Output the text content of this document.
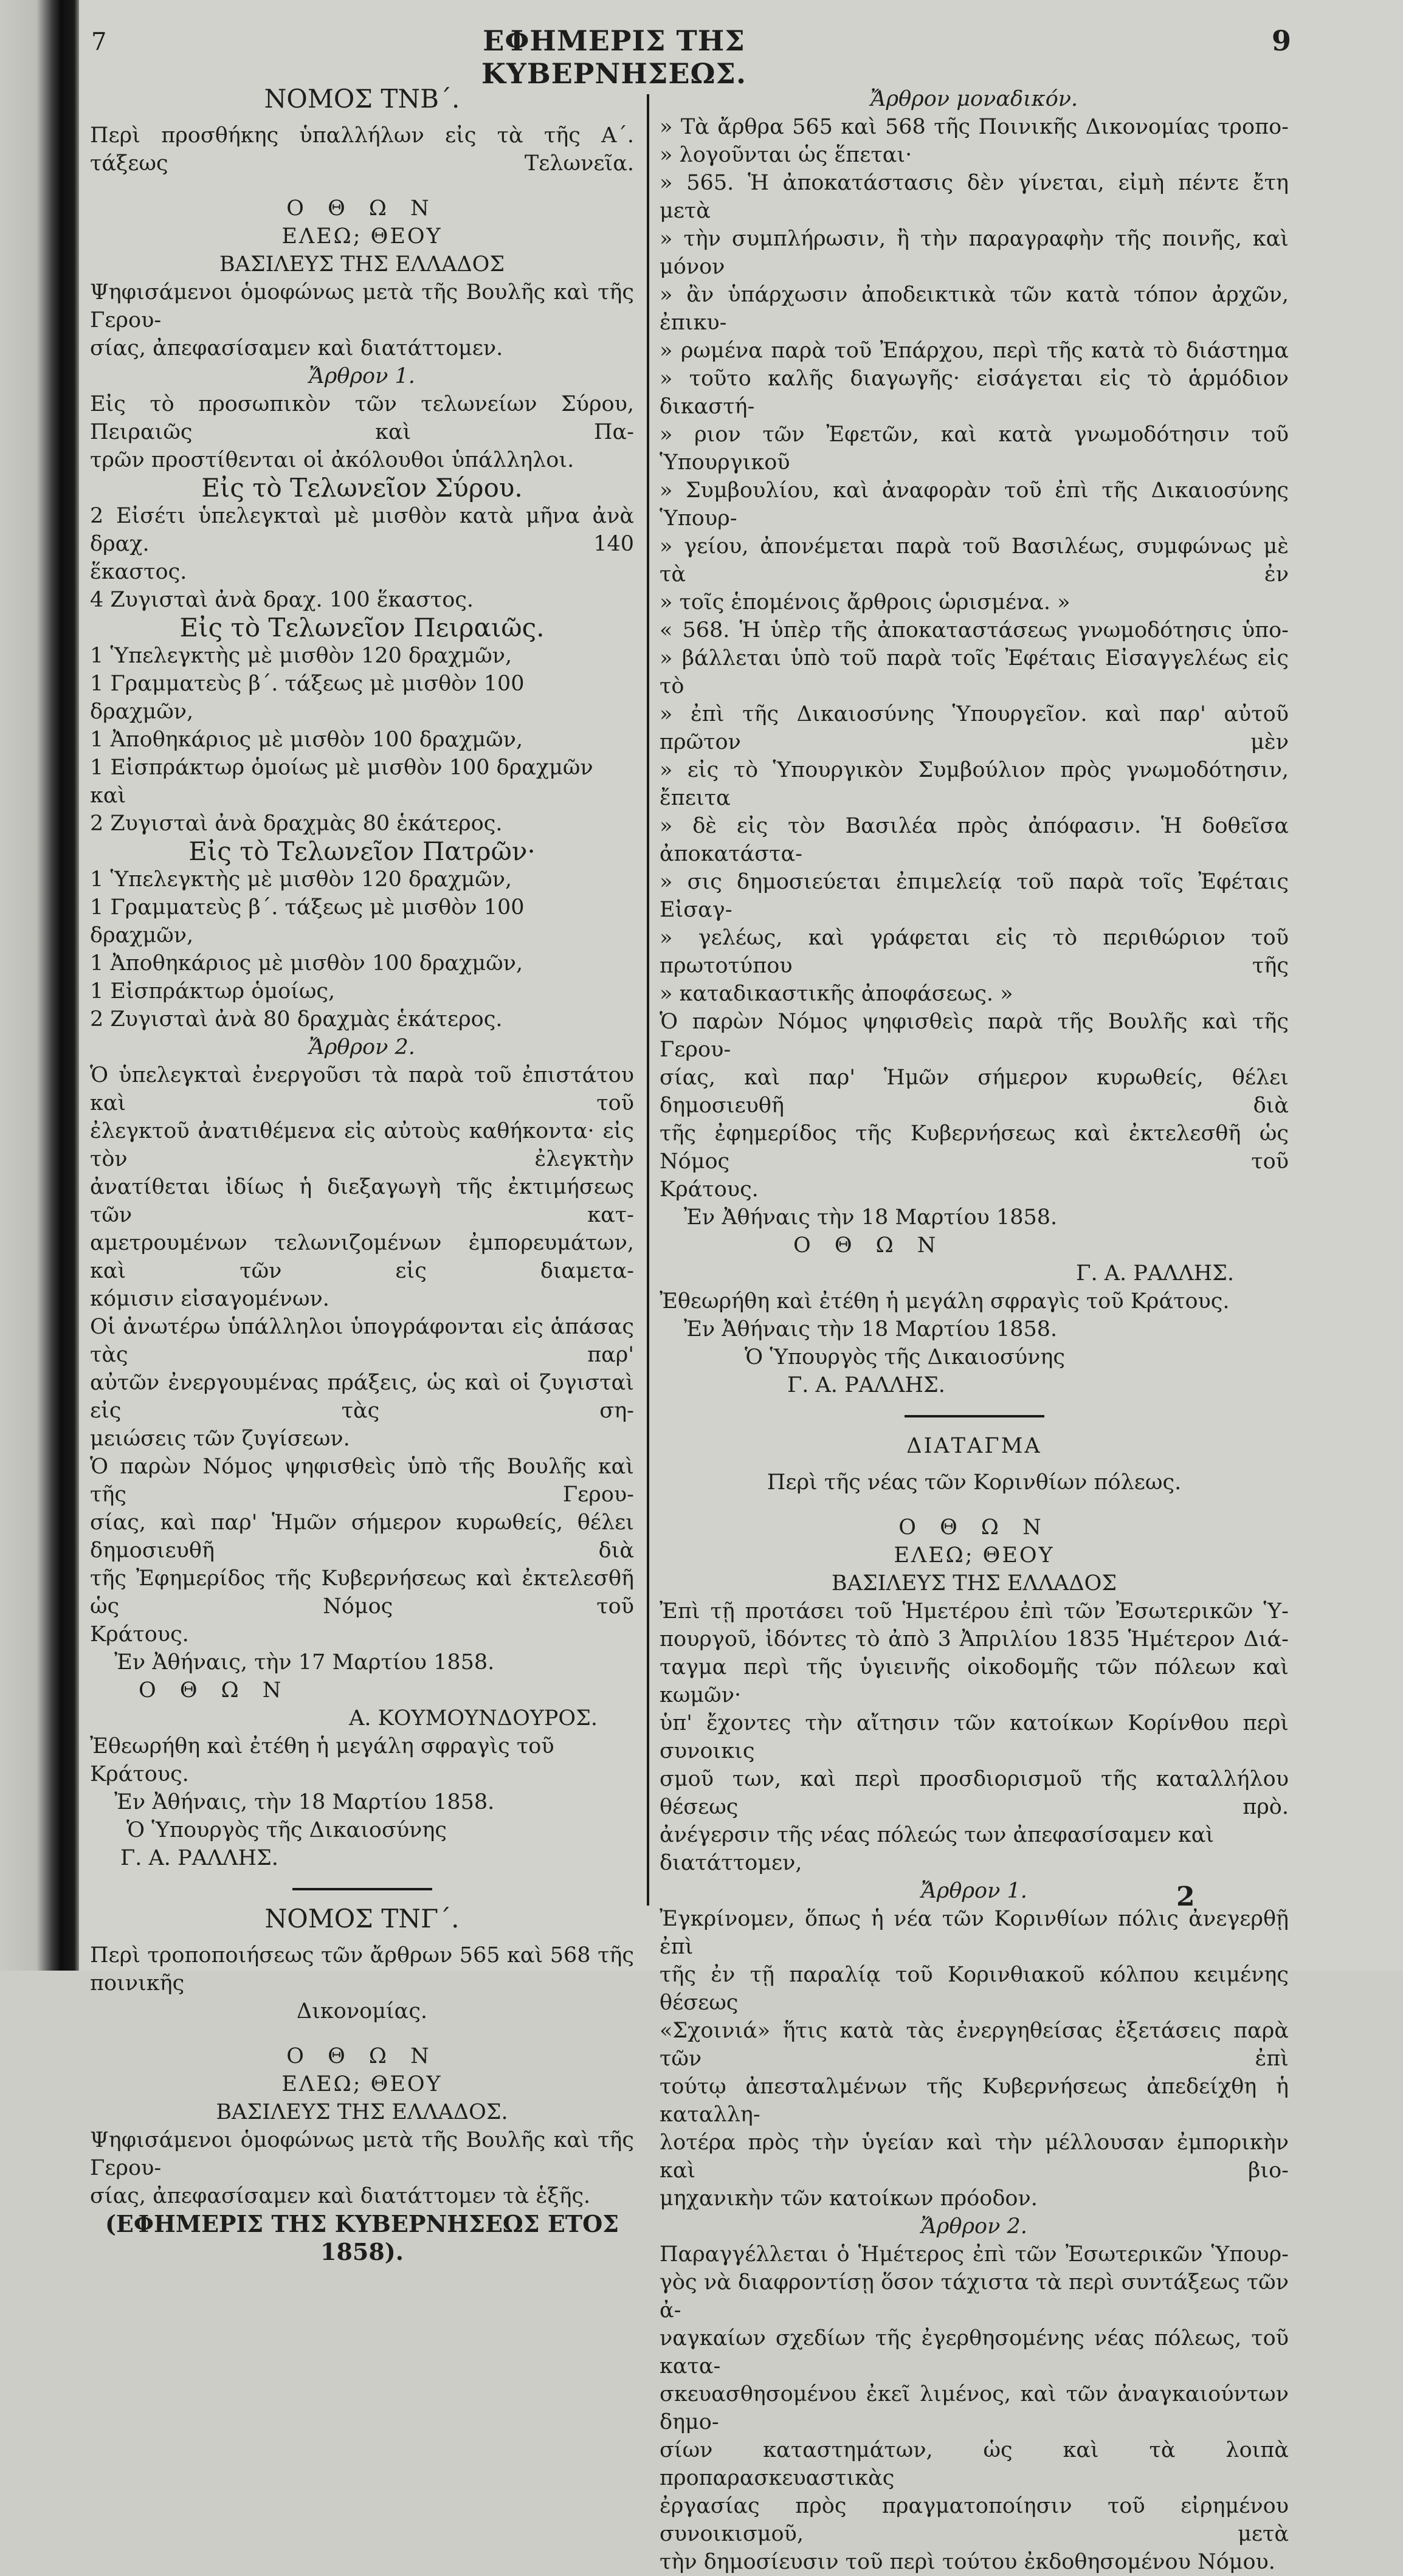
7	ΕΦΗΜΕΡΙΣ ΤΗΣ ΚΥΒΕΡΝΗΣΕΩΣ.
9

ΝΟΜΟΣ ΤΝΒ΄.

Περὶ προσθήκης ὑπαλλήλων εἰς τὰ τῆς Α΄. τάξεως Τελωνεῖα.

Ο Θ Ω Ν

ΕΛΕΩ; ΘΕΟΥ

ΒΑΣΙΛΕΥΣ ΤΗΣ ΕΛΛΑΔΟΣ

Ψηφισάμενοι ὁμοφώνως μετὰ τῆς Βουλῆς καὶ τῆς Γερου-

σίας, ἀπεφασίσαμεν καὶ διατάττομεν.

Ἄρθρον 1.

Εἰς τὸ προσωπικὸν τῶν τελωνείων Σύρου, Πειραιῶς καὶ Πα-

τρῶν προστίθενται οἱ ἀκόλουθοι ὑπάλληλοι.

Εἰς τὸ Τελωνεῖον Σύρου.

2 Εἰσέτι ὑπελεγκταὶ μὲ μισθὸν κατὰ μῆνα ἀνὰ δραχ. 140

ἕκαστος.

4 Ζυγισταὶ ἀνὰ δραχ. 100 ἕκαστος.

Εἰς τὸ Τελωνεῖον Πειραιῶς.

1 Ὑπελεγκτὴς μὲ μισθὸν 120 δραχμῶν,

1 Γραμματεὺς β΄. τάξεως μὲ μισθὸν 100 δραχμῶν,

1 Ἀποθηκάριος μὲ μισθὸν 100 δραχμῶν,

1 Εἰσπράκτωρ ὁμοίως μὲ μισθὸν 100 δραχμῶν καὶ

2 Ζυγισταὶ ἀνὰ δραχμὰς 80 ἑκάτερος.

Εἰς τὸ Τελωνεῖον Πατρῶν·

1 Ὑπελεγκτὴς μὲ μισθὸν 120 δραχμῶν,

1 Γραμματεὺς β΄. τάξεως μὲ μισθὸν 100 δραχμῶν,

1 Ἀποθηκάριος μὲ μισθὸν 100 δραχμῶν,

1 Εἰσπράκτωρ ὁμοίως,

2 Ζυγισταὶ ἀνὰ 80 δραχμὰς ἑκάτερος.

Ἄρθρον 2.

Ὁ ὑπελεγκταὶ ἐνεργοῦσι τὰ παρὰ τοῦ ἐπιστάτου καὶ τοῦ

ἐλεγκτοῦ ἀνατιθέμενα εἰς αὐτοὺς καθήκοντα· εἰς τὸν ἐλεγκτὴν

ἀνατίθεται ἰδίως ἡ διεξαγωγὴ τῆς ἐκτιμήσεως τῶν κατ-

αμετρουμένων τελωνιζομένων ἐμπορευμάτων, καὶ τῶν εἰς διαμετα-

κόμισιν εἰσαγομένων.

Οἱ ἀνωτέρω ὑπάλληλοι ὑπογράφονται εἰς ἁπάσας τὰς παρ'

αὐτῶν ἐνεργουμένας πράξεις, ὡς καὶ οἱ ζυγισταὶ εἰς τὰς ση-

μειώσεις τῶν ζυγίσεων.

Ὁ παρὼν Νόμος ψηφισθεὶς ὑπὸ τῆς Βουλῆς καὶ τῆς Γερου-

σίας, καὶ παρ' Ἡμῶν σήμερον κυρωθείς, θέλει δημοσιευθῆ διὰ

τῆς Ἐφημερίδος τῆς Κυβερνήσεως καὶ ἐκτελεσθῆ ὡς Νόμος τοῦ

Κράτους.

Ἐν Ἀθήναις, τὴν 17 Μαρτίου 1858.

Ο Θ Ω Ν

Α. ΚΟΥΜΟΥΝΔΟΥΡΟΣ.

Ἐθεωρήθη καὶ ἐτέθη ἡ μεγάλη σφραγὶς τοῦ Κράτους.

Ἐν Ἀθήναις, τὴν 18 Μαρτίου 1858.

Ὁ Ὑπουργὸς τῆς Δικαιοσύνης

Γ. Α. ΡΑΛΛΗΣ.

ΝΟΜΟΣ ΤΝΓ΄.

Περὶ τροποποιήσεως τῶν ἄρθρων 565 καὶ 568 τῆς ποινικῆς

Δικονομίας.

Ο Θ Ω Ν

ΕΛΕΩ; ΘΕΟΥ

ΒΑΣΙΛΕΥΣ ΤΗΣ ΕΛΛΑΔΟΣ.

Ψηφισάμενοι ὁμοφώνως μετὰ τῆς Βουλῆς καὶ τῆς Γερου-

σίας, ἀπεφασίσαμεν καὶ διατάττομεν τὰ ἑξῆς.

(ΕΦΗΜΕΡΙΣ ΤΗΣ ΚΥΒΕΡΝΗΣΕΩΣ ΕΤΟΣ 1858).

Ἄρθρον μοναδικόν.

» Τὰ ἄρθρα 565 καὶ 568 τῆς Ποινικῆς Δικονομίας τροπο-

» λογοῦνται ὡς ἕπεται·

» 565. Ἡ ἀποκατάστασις δὲν γίνεται, εἰμὴ πέντε ἔτη μετὰ

» τὴν συμπλήρωσιν, ἢ τὴν παραγραφὴν τῆς ποινῆς, καὶ μόνον

» ἂν ὑπάρχωσιν ἀποδεικτικὰ τῶν κατὰ τόπον ἀρχῶν, ἐπικυ-

» ρωμένα παρὰ τοῦ Ἐπάρχου, περὶ τῆς κατὰ τὸ διάστημα

» τοῦτο καλῆς διαγωγῆς· εἰσάγεται εἰς τὸ ἁρμόδιον δικαστή-

» ριον τῶν Ἐφετῶν, καὶ κατὰ γνωμοδότησιν τοῦ Ὑπουργικοῦ

» Συμβουλίου, καὶ ἀναφορὰν τοῦ ἐπὶ τῆς Δικαιοσύνης Ὑπουρ-

» γείου, ἀπονέμεται παρὰ τοῦ Βασιλέως, συμφώνως μὲ τὰ ἐν

» τοῖς ἑπομένοις ἄρθροις ὡρισμένα. »

« 568. Ἡ ὑπὲρ τῆς ἀποκαταστάσεως γνωμοδότησις ὑπο-

» βάλλεται ὑπὸ τοῦ παρὰ τοῖς Ἐφέταις Εἰσαγγελέως εἰς τὸ

» ἐπὶ τῆς Δικαιοσύνης Ὑπουργεῖον. καὶ παρ' αὐτοῦ πρῶτον μὲν

» εἰς τὸ Ὑπουργικὸν Συμβούλιον πρὸς γνωμοδότησιν, ἔπειτα

» δὲ εἰς τὸν Βασιλέα πρὸς ἀπόφασιν. Ἡ δοθεῖσα ἀποκατάστα-

» σις δημοσιεύεται ἐπιμελείᾳ τοῦ παρὰ τοῖς Ἐφέταις Εἰσαγ-

» γελέως, καὶ γράφεται εἰς τὸ περιθώριον τοῦ πρωτοτύπου τῆς

» καταδικαστικῆς ἀποφάσεως. »

Ὁ παρὼν Νόμος ψηφισθεὶς παρὰ τῆς Βουλῆς καὶ τῆς Γερου-

σίας, καὶ παρ' Ἡμῶν σήμερον κυρωθείς, θέλει δημοσιευθῆ διὰ

τῆς ἐφημερίδος τῆς Κυβερνήσεως καὶ ἐκτελεσθῆ ὡς Νόμος τοῦ

Κράτους.

Ἐν Ἀθήναις τὴν 18 Μαρτίου 1858.

Ο Θ Ω Ν

Γ. Α. ΡΑΛΛΗΣ.

Ἐθεωρήθη καὶ ἐτέθη ἡ μεγάλη σφραγὶς τοῦ Κράτους.

Ἐν Ἀθήναις τὴν 18 Μαρτίου 1858.

Ὁ Ὑπουργὸς τῆς Δικαιοσύνης

Γ. Α. ΡΑΛΛΗΣ.

ΔΙΑΤΑΓΜΑ

Περὶ τῆς νέας τῶν Κορινθίων πόλεως.

Ο Θ Ω Ν

ΕΛΕΩ; ΘΕΟΥ

ΒΑΣΙΛΕΥΣ ΤΗΣ ΕΛΛΑΔΟΣ

Ἐπὶ τῇ προτάσει τοῦ Ἡμετέρου ἐπὶ τῶν Ἐσωτερικῶν Ὑ-

πουργοῦ, ἰδόντες τὸ ἀπὸ 3 Ἀπριλίου 1835 Ἡμέτερον Διά-

ταγμα περὶ τῆς ὑγιεινῆς οἰκοδομῆς τῶν πόλεων καὶ κωμῶν·

ὑπ' ἔχοντες τὴν αἴτησιν τῶν κατοίκων Κορίνθου περὶ συνοικις

σμοῦ των, καὶ περὶ προσδιορισμοῦ τῆς καταλλήλου θέσεως πρὸ.

ἀνέγερσιν τῆς νέας πόλεώς των ἀπεφασίσαμεν καὶ διατάττομεν,

Ἄρθρον 1.

Ἐγκρίνομεν, ὅπως ἡ νέα τῶν Κορινθίων πόλις ἀνεγερθῇ ἐπὶ

τῆς ἐν τῇ παραλίᾳ τοῦ Κορινθιακοῦ κόλπου κειμένης θέσεως

«Σχοινιά» ἥτις κατὰ τὰς ἐνεργηθείσας ἐξετάσεις παρὰ τῶν ἐπὶ

τούτῳ ἀπεσταλμένων τῆς Κυβερνήσεως ἀπεδείχθη ἡ καταλλη-

λοτέρα πρὸς τὴν ὑγείαν καὶ τὴν μέλλουσαν ἐμπορικὴν καὶ βιο-

μηχανικὴν τῶν κατοίκων πρόοδον.

Ἄρθρον 2.

Παραγγέλλεται ὁ Ἡμέτερος ἐπὶ τῶν Ἐσωτερικῶν Ὑπουρ-

γὸς νὰ διαφροντίσῃ ὅσον τάχιστα τὰ περὶ συντάξεως τῶν ἀ-

ναγκαίων σχεδίων τῆς ἐγερθησομένης νέας πόλεως, τοῦ κατα-

σκευασθησομένου ἐκεῖ λιμένος, καὶ τῶν ἀναγκαιούντων δημο-

σίων καταστημάτων, ὡς καὶ τὰ λοιπὰ προπαρασκευαστικὰς

ἐργασίας πρὸς πραγματοποίησιν τοῦ εἰρημένου συνοικισμοῦ, μετὰ

τὴν δημοσίευσιν τοῦ περὶ τούτου ἐκδοθησομένου Νόμου.

2
